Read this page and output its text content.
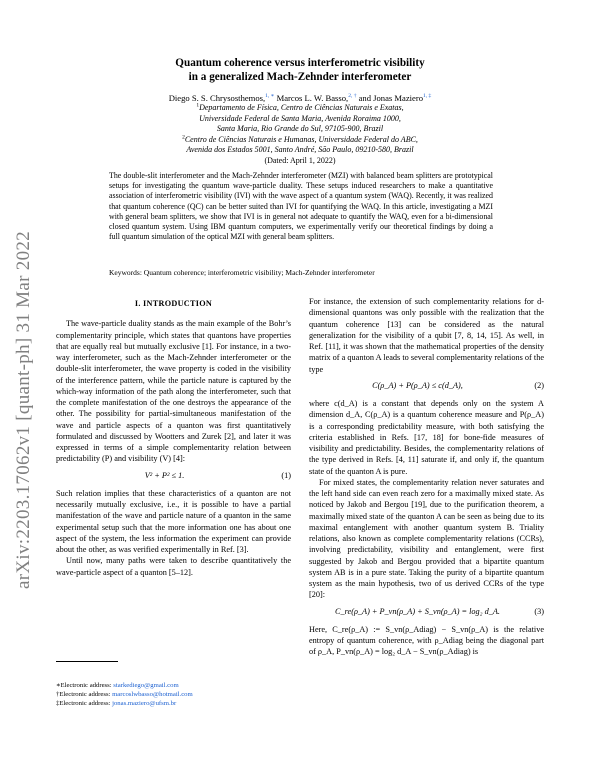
arXiv:2203.17062v1 [quant-ph] 31 Mar 2022
Quantum coherence versus interferometric visibility
in a generalized Mach-Zehnder interferometer
Diego S. S. Chrysosthemos,$^{1, ∗}$ Marcos L. W. Basso,$^{2, \dagger}$ and Jonas Maziero$^{1, \ddagger}$
$^1$Departamento de Física, Centro de Ciências Naturais e Exatas,
Universidade Federal de Santa Maria, Avenida Roraima 1000,
Santa Maria, Rio Grande do Sul, 97105-900, Brazil
$^2$Centro de Ciências Naturais e Humanas, Universidade Federal do ABC,
Avenida dos Estados 5001, Santo André, São Paulo, 09210-580, Brazil
(Dated: April 1, 2022)
The double-slit interferometer and the Mach-Zehnder interferometer (MZI) with balanced beam splitters are prototypical setups for investigating the quantum wave-particle duality. These setups induced researchers to make a quantitative association of interferometric visibility (IVI) with the wave aspect of a quantum system (WAQ). Recently, it was realized that quantum coherence (QC) can be better suited than IVI for quantifying the WAQ. In this article, investigating a MZI with general beam splitters, we show that IVI is in general not adequate to quantify the WAQ, even for a bi-dimensional closed quantum system. Using IBM quantum computers, we experimentally verify our theoretical findings by doing a full quantum simulation of the optical MZI with general beam splitters.
Keywords: Quantum coherence; interferometric visibility; Mach-Zehnder interferometer
I. INTRODUCTION

The wave-particle duality stands as the main example of the Bohr’s complementarity principle, which states that quantons have properties that are equally real but mutually exclusive [1]. For instance, in a two-way interferometer, such as the Mach-Zehnder interferometer or the double-slit interferometer, the wave property is coded in the visibility of the interference pattern, while the particle nature is captured by the which-way information of the path along the interferometer, such that the complete manifestation of the one destroys the appearance of the other. The possibility for partial-simultaneous manifestation of the wave and particle aspects of a quanton was first quantitatively formulated and discussed by Wootters and Zurek [2], and later it was expressed in terms of a simple complementarity relation between predictability (P) and visibility (V) [4]:

V² + P² ≤ 1.	(1)

Such relation implies that these characteristics of a quanton are not necessarily mutually exclusive, i.e., it is possible to have a partial manifestation of the wave and particle nature of a quanton in the same experimental setup such that the more information one has about one aspect of the system, the less information the experiment can provide about the other, as was verified experimentally in Ref. [3].

Until now, many paths were taken to describe quantitatively the wave-particle aspect of a quanton [5–12].

For instance, the extension of such complementarity relations for d-dimensional quantons was only possible with the realization that the quantum coherence [13] can be considered as the natural generalization for the visibility of a qubit [7, 8, 14, 15]. As well, in Ref. [11], it was shown that the mathematical properties of the density matrix of a quanton A leads to several complementarity relations of the type

C(ρ_A) + P(ρ_A) ≤ c(d_A),	(2)

where c(d_A) is a constant that depends only on the system A dimension d_A, C(ρ_A) is a quantum coherence measure and P(ρ_A) is a corresponding predictability measure, with both satisfying the criteria established in Refs. [17, 18] for bone-fide measures of visibility and predictability. Besides, the complementarity relations of the type derived in Refs. [4, 11] saturate if, and only if, the quantum state of the quanton A is pure.

For mixed states, the complementarity relation never saturates and the left hand side can even reach zero for a maximally mixed state. As noticed by Jakob and Bergou [19], due to the purification theorem, a maximally mixed state of the quanton A can be seen as being due to its maximal entanglement with another quantum system B. Triality relations, also known as complete complementarity relations (CCRs), involving predictability, visibility and entanglement, were first suggested by Jakob and Bergou provided that a bipartite quantum system AB is in a pure state. Taking the purity of a bipartite quantum system as the main hypothesis, two of us derived CCRs of the type [20]:

C_re(ρ_A) + P_vn(ρ_A) + S_vn(ρ_A) = log₂ d_A.	(3)

Here, C_re(ρ_A) := S_vn(ρ_Adiag) − S_vn(ρ_A) is the relative entropy of quantum coherence, with ρ_Adiag being the diagonal part of ρ_A, P_vn(ρ_A) = log₂ d_A − S_vn(ρ_Adiag) is

∗Electronic address: starkediego@gmail.com
†Electronic address: marcoslwbasso@hotmail.com
‡Electronic address: jonas.maziero@ufsm.br
